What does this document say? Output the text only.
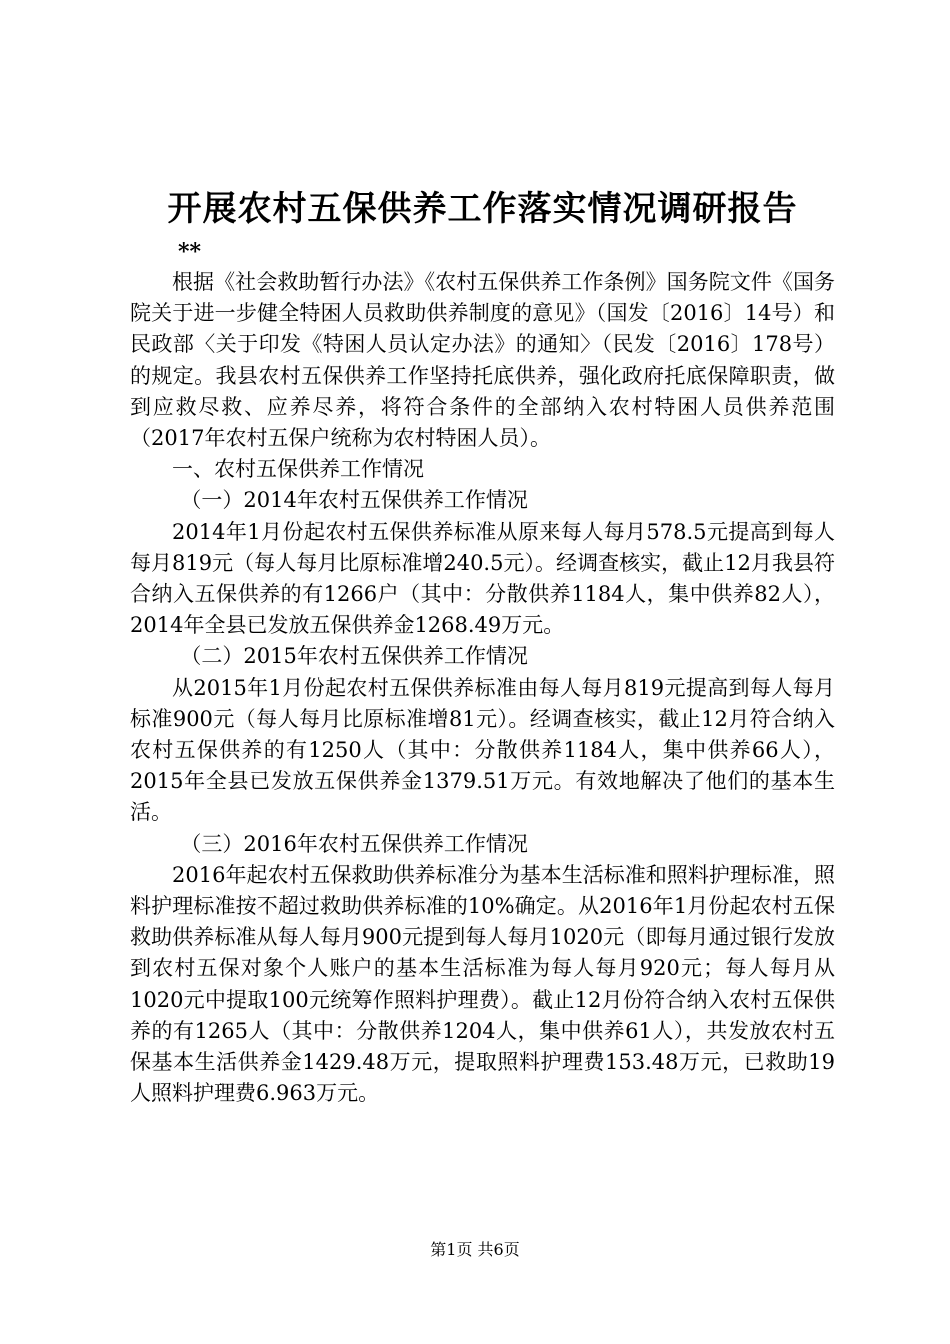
开展农村五保供养工作落实情况调研报告
**

根据《社会救助暂行办法》《农村五保供养工作条例》国务院文件《国务院关于进一步健全特困人员救助供养制度的意见》（国发〔2016〕14号）和民政部〈关于印发《特困人员认定办法》的通知〉（民发〔2016〕178号）的规定。我县农村五保供养工作坚持托底供养，强化政府托底保障职责，做到应救尽救、应养尽养，将符合条件的全部纳入农村特困人员供养范围（2017年农村五保户统称为农村特困人员）。

一、农村五保供养工作情况

（一）2014年农村五保供养工作情况

2014年1月份起农村五保供养标准从原来每人每月578.5元提高到每人每月819元（每人每月比原标准增240.5元）。经调查核实，截止12月我县符合纳入五保供养的有1266户（其中：分散供养1184人，集中供养82人），2014年全县已发放五保供养金1268.49万元。

（二）2015年农村五保供养工作情况

从2015年1月份起农村五保供养标准由每人每月819元提高到每人每月标准900元（每人每月比原标准增81元）。经调查核实，截止12月符合纳入农村五保供养的有1250人（其中：分散供养1184人，集中供养66人），2015年全县已发放五保供养金1379.51万元。有效地解决了他们的基本生活。

（三）2016年农村五保供养工作情况

2016年起农村五保救助供养标准分为基本生活标准和照料护理标准，照料护理标准按不超过救助供养标准的10%确定。从2016年1月份起农村五保救助供养标准从每人每月900元提到每人每月1020元（即每月通过银行发放到农村五保对象个人账户的基本生活标准为每人每月920元；每人每月从1020元中提取100元统筹作照料护理费）。截止12月份符合纳入农村五保供养的有1265人（其中：分散供养1204人，集中供养61人），共发放农村五保基本生活供养金1429.48万元，提取照料护理费153.48万元，已救助19人照料护理费6.963万元。

第1页 共6页
